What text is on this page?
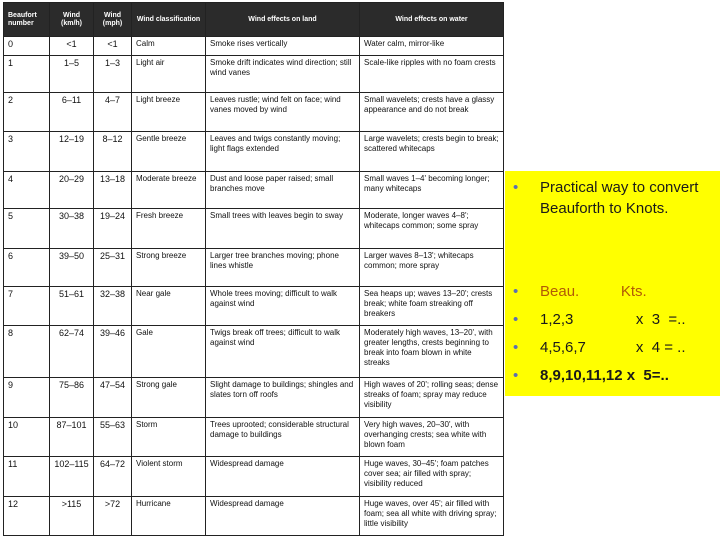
Beaufort number	Wind (km/h)	Wind (mph)	Wind classification	Wind effects on land	Wind effects on water
0	<1	<1	Calm	Smoke rises vertically	Water calm, mirror-like
1	1–5	1–3	Light air	Smoke drift indicates wind direction; still wind vanes	Scale-like ripples with no foam crests
2	6–11	4–7	Light breeze	Leaves rustle; wind felt on face; wind vanes moved by wind	Small wavelets; crests have a glassy appearance and do not break
3	12–19	8–12	Gentle breeze	Leaves and twigs constantly moving; light flags extended	Large wavelets; crests begin to break; scattered whitecaps
4	20–29	13–18	Moderate breeze	Dust and loose paper raised; small branches move	Small waves 1–4' becoming longer; many whitecaps
5	30–38	19–24	Fresh breeze	Small trees with leaves begin to sway	Moderate, longer waves 4–8'; whitecaps common; some spray
6	39–50	25–31	Strong breeze	Larger tree branches moving; phone lines whistle	Larger waves 8–13'; whitecaps common; more spray
7	51–61	32–38	Near gale	Whole trees moving; difficult to walk against wind	Sea heaps up; waves 13–20'; crests break; white foam streaking off breakers
8	62–74	39–46	Gale	Twigs break off trees; difficult to walk against wind	Moderately high waves, 13–20', with greater lengths, crests beginning to break into foam blown in white streaks
9	75–86	47–54	Strong gale	Slight damage to buildings; shingles and slates torn off roofs	High waves of 20'; rolling seas; dense streaks of foam; spray may reduce visibility
10	87–101	55–63	Storm	Trees uprooted; considerable structural damage to buildings	Very high waves, 20–30', with overhanging crests; sea white with blown foam
11	102–115	64–72	Violent storm	Widespread damage	Huge waves, 30–45'; foam patches cover sea; air filled with spray; visibility reduced
12	>115	>72	Hurricane	Widespread damage	Huge waves, over 45'; air filled with foam; sea all white with driving spray; little visibility
• Practical way to convert Beauforth to Knots.
• Beau.          Kts.
• 1,2,3               x  3  =..
• 4,5,6,7            x  4 = ..
• 8,9,10,11,12 x  5=..
